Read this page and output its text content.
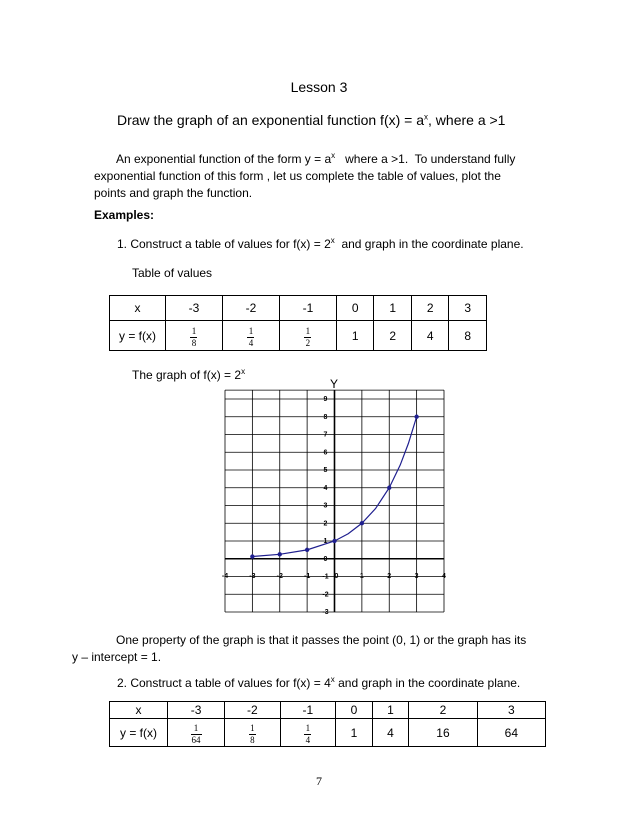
Lesson 3
Draw the graph of an exponential function $f(x) = a^x$, where a >1
An exponential function of the form $y = a^x$   where a >1.  To understand fully
exponential function of this form , let us complete the table of values, plot the
points and graph the function.
Examples:
1. Construct a table of values for $f(x) = 2^x$  and graph in the coordinate plane.
Table of values
x	-3	-2	-1	0	1	2	3
y = f(x)	$\frac{1}{8}$	$\frac{1}{4}$	$\frac{1}{2}$	1	2	4	8
The graph of $f(x) = 2^x$
Y
-4	-3	-2	-1	0	1	2	3	4
9
8
7
6
5
4
3
2
1
0
-1
-2
-3
One property of the graph is that it passes the point (0, 1) or the graph has its
y – intercept = 1.
2. Construct a table of values for $f(x) = 4^x$ and graph in the coordinate plane.
x	-3	-2	-1	0	1	2	3
y = f(x)	$\frac{1}{64}$	$\frac{1}{8}$	$\frac{1}{4}$	1	4	16	64
7
